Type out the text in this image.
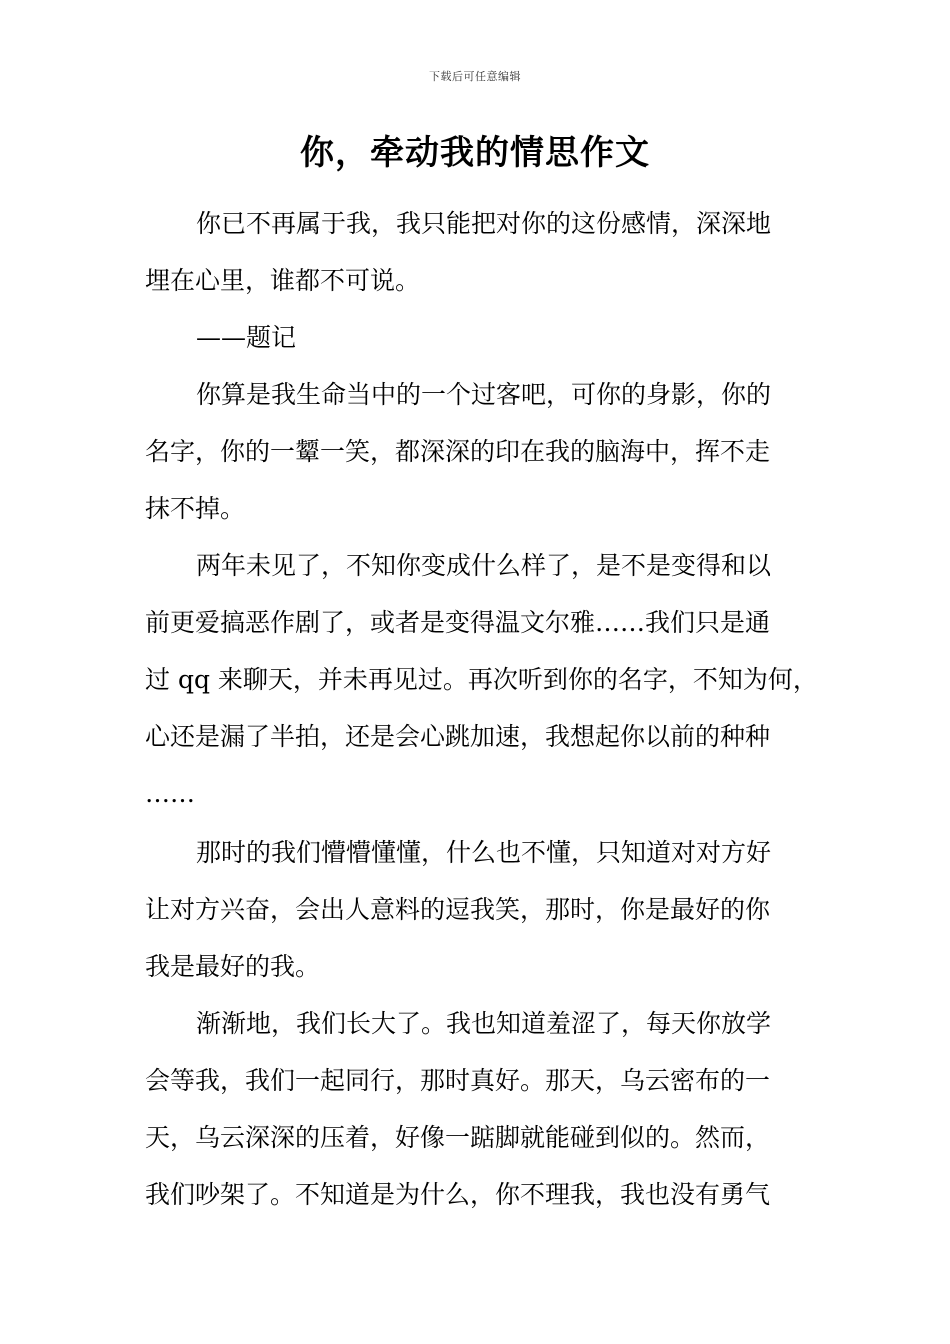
下载后可任意编辑
你，牵动我的情思作文
你已不再属于我，我只能把对你的这份感情，深深地
埋在心里，谁都不可说。
——题记
你算是我生命当中的一个过客吧，可你的身影，你的
名字，你的一颦一笑，都深深的印在我的脑海中，挥不走
抹不掉。
两年未见了，不知你变成什么样了，是不是变得和以
前更爱搞恶作剧了，或者是变得温文尔雅……我们只是通
过 qq 来聊天，并未再见过。再次听到你的名字，不知为何，
心还是漏了半拍，还是会心跳加速，我想起你以前的种种
……
那时的我们懵懵懂懂，什么也不懂，只知道对对方好
让对方兴奋，会出人意料的逗我笑，那时，你是最好的你
我是最好的我。
渐渐地，我们长大了。我也知道羞涩了，每天你放学
会等我，我们一起同行，那时真好。那天，乌云密布的一
天，乌云深深的压着，好像一踮脚就能碰到似的。然而，
我们吵架了。不知道是为什么，你不理我，我也没有勇气
